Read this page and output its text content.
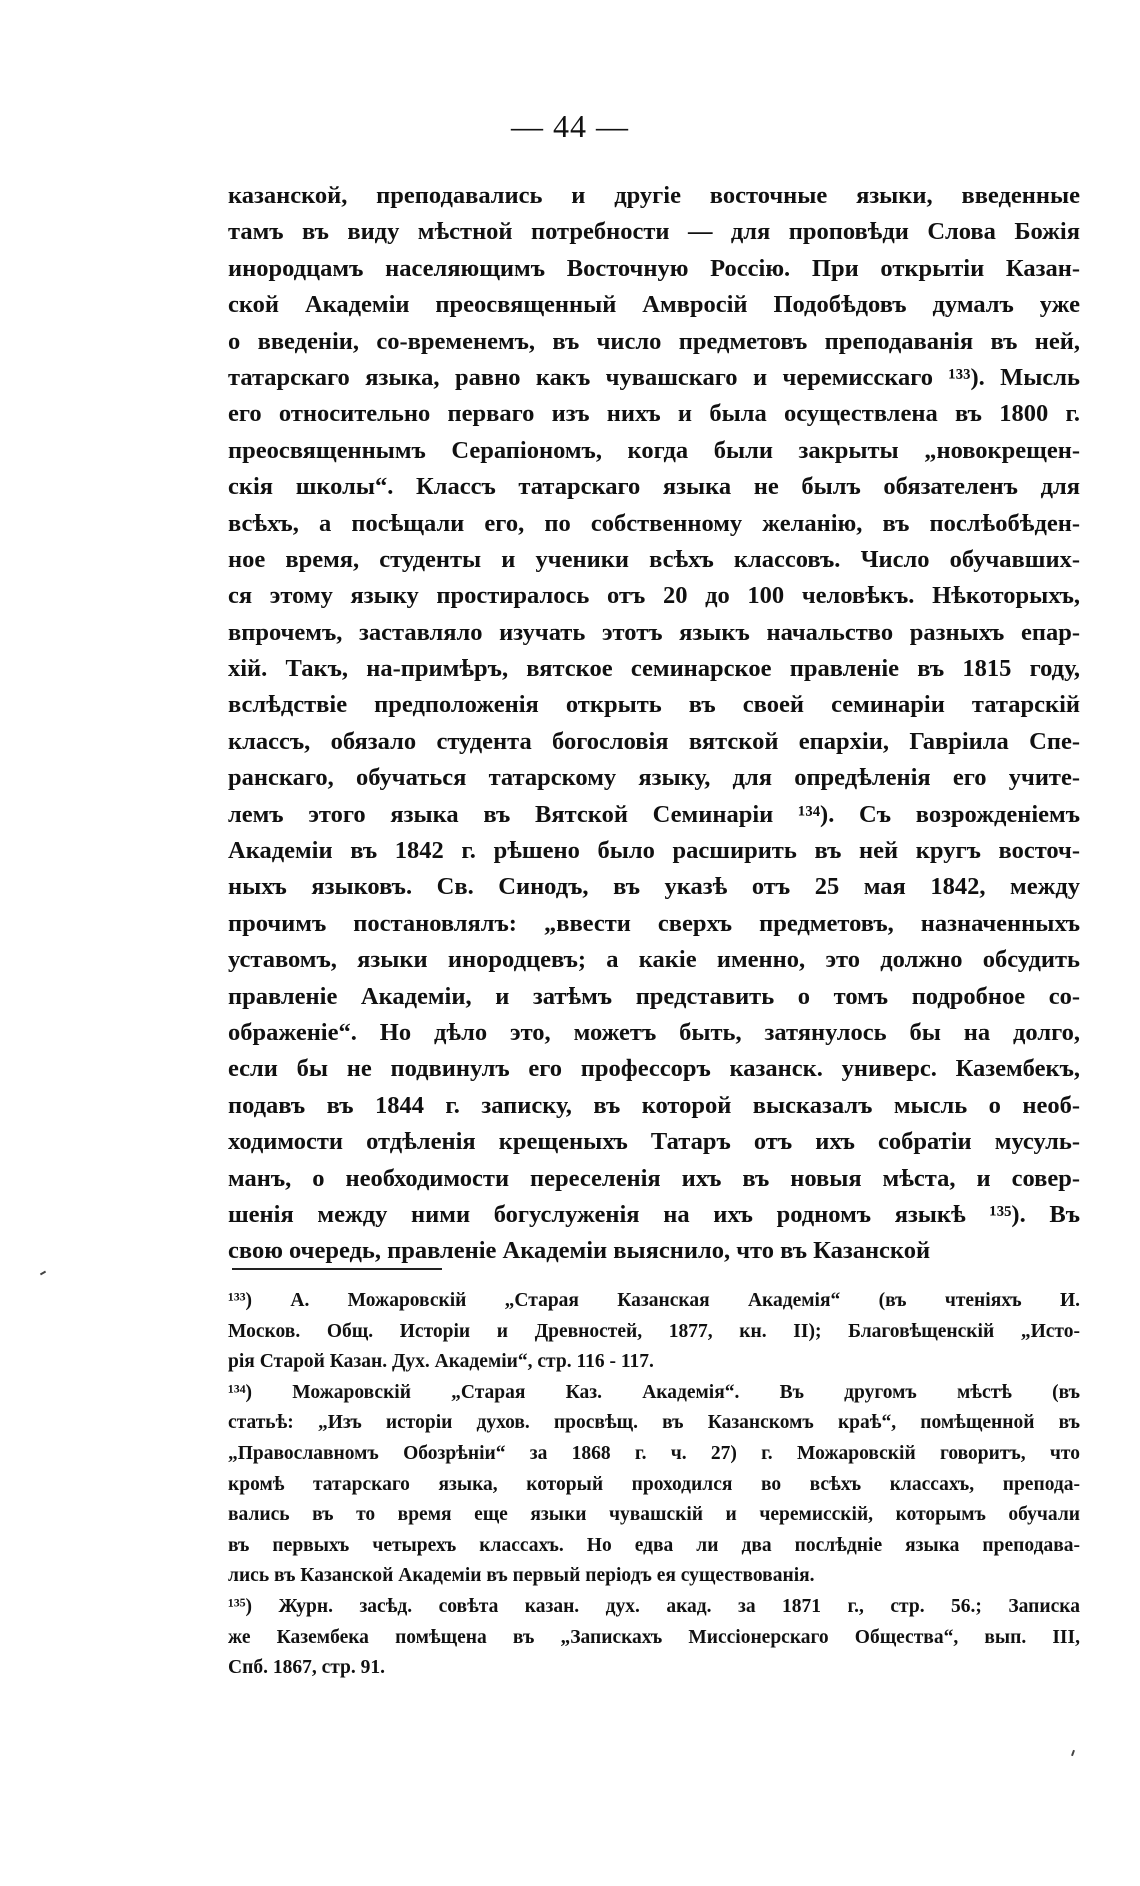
— 44 —
казанской, преподавались и другіе восточные языки, введенные
тамъ въ виду мѣстной потребности — для проповѣди Слова Божія
инородцамъ населяющимъ Восточную Россію. При открытіи Казан-
ской Академіи преосвященный Амвросій Подобѣдовъ думалъ уже
о введеніи, со-временемъ, въ число предметовъ преподаванія въ ней,
татарскаго языка, равно какъ чувашскаго и черемисскаго ¹³³). Мысль
его относительно перваго изъ нихъ и была осуществлена въ 1800 г.
преосвященнымъ Серапіономъ, когда были закрыты „новокрещен-
скія школы“. Классъ татарскаго языка не былъ обязателенъ для
всѣхъ, а посѣщали его, по собственному желанію, въ послѣобѣден-
ное время, студенты и ученики всѣхъ классовъ. Число обучавших-
ся этому языку простиралось отъ 20 до 100 человѣкъ. Нѣкоторыхъ,
впрочемъ, заставляло изучать этотъ языкъ начальство разныхъ епар-
хій. Такъ, на-примѣръ, вятское семинарское правленіе въ 1815 году,
вслѣдствіе предположенія открыть въ своей семинаріи татарскій
классъ, обязало студента богословія вятской епархіи, Гавріила Спе-
ранскаго, обучаться татарскому языку, для опредѣленія его учите-
лемъ этого языка въ Вятской Семинаріи ¹³⁴). Съ возрожденіемъ
Академіи въ 1842 г. рѣшено было расширить въ ней кругъ восточ-
ныхъ языковъ. Св. Синодъ, въ указѣ отъ 25 мая 1842, между
прочимъ постановлялъ: „ввести сверхъ предметовъ, назначенныхъ
уставомъ, языки инородцевъ; а какіе именно, это должно обсудить
правленіе Академіи, и затѣмъ представить о томъ подробное со-
ображеніе“. Но дѣло это, можетъ быть, затянулось бы на долго,
если бы не подвинулъ его профессоръ казанск. универс. Казембекъ,
подавъ въ 1844 г. записку, въ которой высказалъ мысль о необ-
ходимости отдѣленія крещеныхъ Татаръ отъ ихъ собратіи мусуль-
манъ, о необходимости переселенія ихъ въ новыя мѣста, и совер-
шенія между ними богуслуженія на ихъ родномъ языкѣ ¹³⁵). Въ
свою очередь, правленіе Академіи выяснило, что въ Казанской
¹³³) А. Можаровскій „Старая Казанская Академія“ (въ чтеніяхъ И.
Москов. Общ. Исторіи и Древностей, 1877, кн. II); Благовѣщенскій „Исто-
рія Старой Казан. Дух. Академіи“, стр. 116 - 117.
¹³⁴) Можаровскій „Старая Каз. Академія“. Въ другомъ мѣстѣ (въ
статьѣ: „Изъ исторіи духов. просвѣщ. въ Казанскомъ краѣ“, помѣщенной въ
„Православномъ Обозрѣніи“ за 1868 г. ч. 27) г. Можаровскій говоритъ, что
кромѣ татарскаго языка, который проходился во всѣхъ классахъ, препода-
вались въ то время еще языки чувашскій и черемисскій, которымъ обучали
въ первыхъ четырехъ классахъ. Но едва ли два послѣдніе языка преподава-
лись въ Казанской Академіи въ первый періодъ ея существованія.
¹³⁵) Журн. засѣд. совѣта казан. дух. акад. за 1871 г., стр. 56.; Записка
же Казембека помѣщена въ „Запискахъ Миссіонерскаго Общества“, вып. III,
Спб. 1867, стр. 91.
